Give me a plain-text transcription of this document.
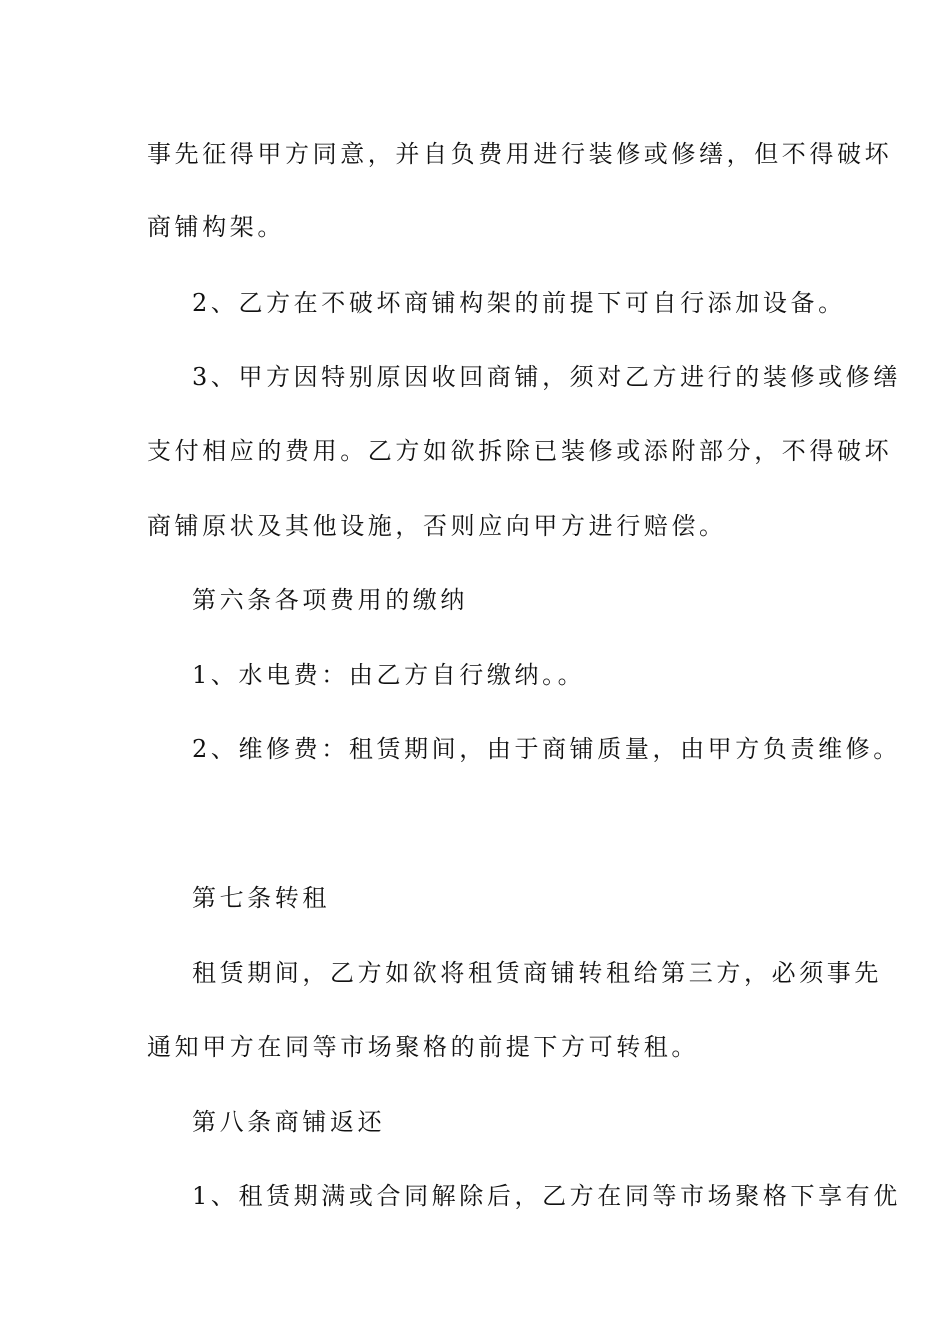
事先征得甲方同意，并自负费用进行装修或修缮，但不得破坏
商铺构架。
2、乙方在不破坏商铺构架的前提下可自行添加设备。
3、甲方因特别原因收回商铺，须对乙方进行的装修或修缮
支付相应的费用。乙方如欲拆除已装修或添附部分，不得破坏
商铺原状及其他设施，否则应向甲方进行赔偿。
第六条各项费用的缴纳
1、水电费：由乙方自行缴纳。。
2、维修费：租赁期间，由于商铺质量，由甲方负责维修。
第七条转租
租赁期间，乙方如欲将租赁商铺转租给第三方，必须事先
通知甲方在同等市场聚格的前提下方可转租。
第八条商铺返还
1、租赁期满或合同解除后，乙方在同等市场聚格下享有优
